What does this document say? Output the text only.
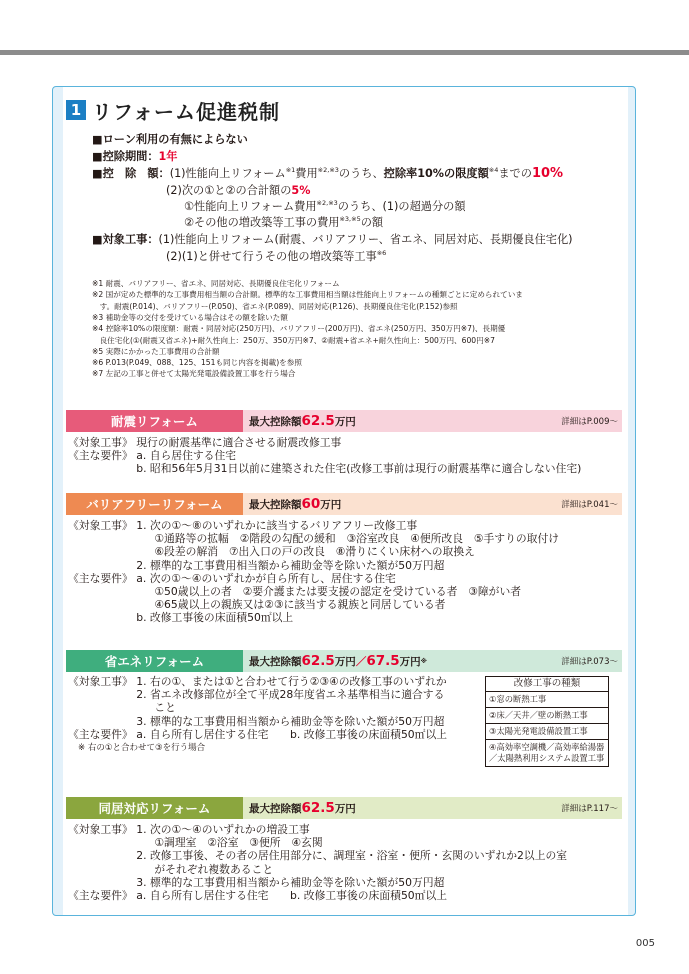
1 リフォーム促進税制
■ローン利用の有無によらない
■控除期間：1年
■控　除　額：(1)性能向上リフォーム$^{※1}$費用$^{※2,※3}$のうち、控除率10%の限度額$^{※4}$までの10%
(2)次の①と②の合計額の5%
①性能向上リフォーム費用$^{※2,※3}$のうち、(1)の超過分の額
②その他の増改築等工事の費用$^{※3,※5}$の額
■対象工事：(1)性能向上リフォーム(耐震、バリアフリー、省エネ、同居対応、長期優良住宅化)
(2)(1)と併せて行うその他の増改築等工事$^{※6}$
※1 耐震、バリアフリー、省エネ、同居対応、長期優良住宅化リフォーム
※2 国が定めた標準的な工事費用相当額の合計額。標準的な工事費用相当額は性能向上リフォームの種類ごとに定められていま
　す。耐震(P.014)、バリアフリー(P.050)、省エネ(P.089)、同居対応(P.126)、長期優良住宅化(P.152)参照
※3 補助金等の交付を受けている場合はその額を除いた額
※4 控除率10%の限度額：耐震・同居対応(250万円)、バリアフリー(200万円)、省エネ(250万円、350万円※7)、長期優
　良住宅化(①(耐震又省エネ)+耐久性向上：250万、350万円※7、②耐震+省エネ+耐久性向上：500万円、600円※7
※5 実際にかかった工事費用の合計額
※6 P.013(P.049、088、125、151も同じ内容を掲載)を参照
※7 左記の工事と併せて太陽光発電設備設置工事を行う場合
耐震リフォーム	最大控除額 62.5 万円	詳細はP.009〜
《対象工事》 現行の耐震基準に適合させる耐震改修工事
《主な要件》 a. 自ら居住する住宅
　　　　　　 b. 昭和56年5月31日以前に建築された住宅(改修工事前は現行の耐震基準に適合しない住宅)
バリアフリーリフォーム	最大控除額 60 万円	詳細はP.041〜
《対象工事》 1. 次の①〜⑧のいずれかに該当するバリアフリー改修工事
　　　　　　　　①通路等の拡幅　②階段の勾配の緩和　③浴室改良　④便所改良　⑤手すりの取付け
　　　　　　　　⑥段差の解消　⑦出入口の戸の改良　⑧滑りにくい床材への取換え
　　　　　　 2. 標準的な工事費用相当額から補助金等を除いた額が50万円超
《主な要件》 a. 次の①〜④のいずれかが自ら所有し、居住する住宅
　　　　　　　　①50歳以上の者　②要介護または要支援の認定を受けている者　③障がい者
　　　　　　　　④65歳以上の親族又は②③に該当する親族と同居している者
　　　　　　 b. 改修工事後の床面積50㎡以上
省エネリフォーム	最大控除額 62.5 万円 ／ 67.5 万円 ※	詳細はP.073〜
《対象工事》 1. 右の①、または①と合わせて行う②③④の改修工事のいずれか
　　　　　　 2. 省エネ改修部位が全て平成28年度省エネ基準相当に適合する
　　　　　　　　こと
　　　　　　 3. 標準的な工事費用相当額から補助金等を除いた額が50万円超
《主な要件》 a. 自ら所有し居住する住宅　　b. 改修工事後の床面積50㎡以上
※ 右の①と合わせて③を行う場合
改修工事の種類
①窓の断熱工事
②床／天井／壁の断熱工事
③太陽光発電設備設置工事
④高効率空調機／高効率給湯器／太陽熱利用システム設置工事
同居対応リフォーム	最大控除額 62.5 万円	詳細はP.117〜
《対象工事》 1. 次の①〜④のいずれかの増設工事
　　　　　　　　①調理室　②浴室　③便所　④玄関
　　　　　　 2. 改修工事後、その者の居住用部分に、調理室・浴室・便所・玄関のいずれか2以上の室
　　　　　　　　がそれぞれ複数あること
　　　　　　 3. 標準的な工事費用相当額から補助金等を除いた額が50万円超
《主な要件》 a. 自ら所有し居住する住宅　　b. 改修工事後の床面積50㎡以上
005
